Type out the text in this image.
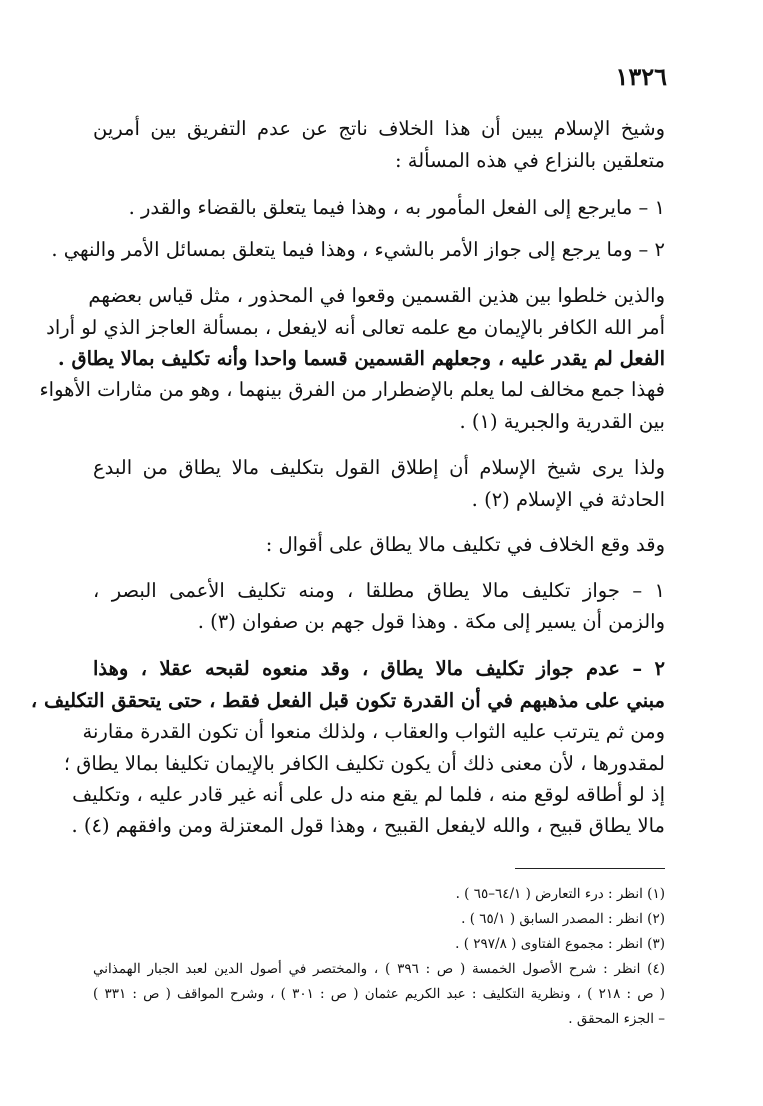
١٣٢٦
وشيخ الإسلام يبين أن هذا الخلاف ناتج عن عدم التفريق بين أمرين
متعلقين بالنزاع في هذه المسألة :
١ – مايرجع إلى الفعل المأمور به ، وهذا فيما يتعلق بالقضاء والقدر .
٢ – وما يرجع إلى جواز الأمر بالشيء ، وهذا فيما يتعلق بمسائل الأمر والنهي .
والذين خلطوا بين هذين القسمين وقعوا في المحذور ، مثل قياس بعضهم
أمر الله الكافر بالإيمان مع علمه تعالى أنه لايفعل ، بمسألة العاجز الذي لو أراد
الفعل لم يقدر عليه ، وجعلهم القسمين قسما واحدا وأنه تكليف بمالا يطاق .
فهذا جمع مخالف لما يعلم بالإضطرار من الفرق بينهما ، وهو من مثارات الأهواء
بين القدرية والجبرية (١) .
ولذا يرى شيخ الإسلام أن إطلاق القول بتكليف مالا يطاق من البدع
الحادثة في الإسلام (٢) .
وقد وقع الخلاف في تكليف مالا يطاق على أقوال :
١ – جواز تكليف مالا يطاق مطلقا ، ومنه تكليف الأعمى البصر ،
والزمن أن يسير إلى مكة . وهذا قول جهم بن صفوان (٣) .
٢ – عدم جواز تكليف مالا يطاق ، وقد منعوه لقبحه عقلا ، وهذا
مبني على مذهبهم في أن القدرة تكون قبل الفعل فقط ، حتى يتحقق التكليف ،
ومن ثم يترتب عليه الثواب والعقاب ، ولذلك منعوا أن تكون القدرة مقارنة
لمقدورها ، لأن معنى ذلك أن يكون تكليف الكافر بالإيمان تكليفا بمالا يطاق ؛
إذ لو أطاقه لوقع منه ، فلما لم يقع منه دل على أنه غير قادر عليه ، وتكليف
مالا يطاق قبيح ، والله لايفعل القبيح ، وهذا قول المعتزلة ومن وافقهم (٤) .
(١) انظر : درء التعارض ( ٦٤/١–٦٥ ) .
(٢) انظر : المصدر السابق ( ٦٥/١ ) .
(٣) انظر : مجموع الفتاوى ( ٢٩٧/٨ ) .
(٤) انظر : شرح الأصول الخمسة ( ص : ٣٩٦ ) ، والمختصر في أصول الدين لعبد الجبار الهمذاني
( ص : ٢١٨ ) ، ونظرية التكليف : عبد الكريم عثمان ( ص : ٣٠١ ) ، وشرح المواقف ( ص : ٣٣١ )
– الجزء المحقق .
